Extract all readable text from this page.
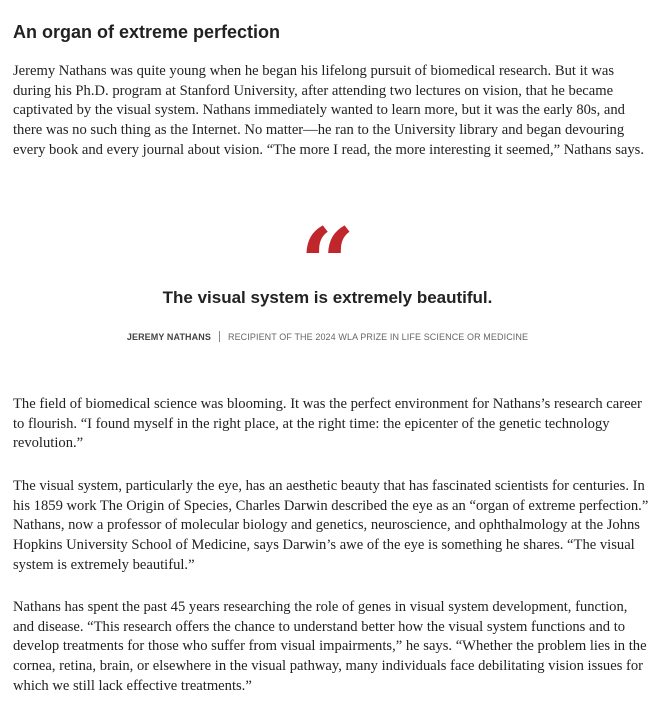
An organ of extreme perfection

Jeremy Nathans was quite young when he began his lifelong pursuit of biomedical research. But it was during his Ph.D. program at Stanford University, after attending two lectures on vision, that he became captivated by the visual system. Nathans immediately wanted to learn more, but it was the early 80s, and there was no such thing as the Internet. No matter—he ran to the University library and began devouring every book and every journal about vision. “The more I read, the more interesting it seemed,” Nathans says.

“
The visual system is extremely beautiful.
JEREMY NATHANS RECIPIENT OF THE 2024 WLA PRIZE IN LIFE SCIENCE OR MEDICINE

The field of biomedical science was blooming. It was the perfect environment for Nathans’s research career to flourish. “I found myself in the right place, at the right time: the epicenter of the genetic technology revolution.”

The visual system, particularly the eye, has an aesthetic beauty that has fascinated scientists for centuries. In his 1859 work The Origin of Species, Charles Darwin described the eye as an “organ of extreme perfection.” Nathans, now a professor of molecular biology and genetics, neuroscience, and ophthalmology at the Johns Hopkins University School of Medicine, says Darwin’s awe of the eye is something he shares. “The visual system is extremely beautiful.”

Nathans has spent the past 45 years researching the role of genes in visual system development, function, and disease. “This research offers the chance to understand better how the visual system functions and to develop treatments for those who suffer from visual impairments,” he says. “Whether the problem lies in the cornea, retina, brain, or elsewhere in the visual pathway, many individuals face debilitating vision issues for which we still lack effective treatments.”
